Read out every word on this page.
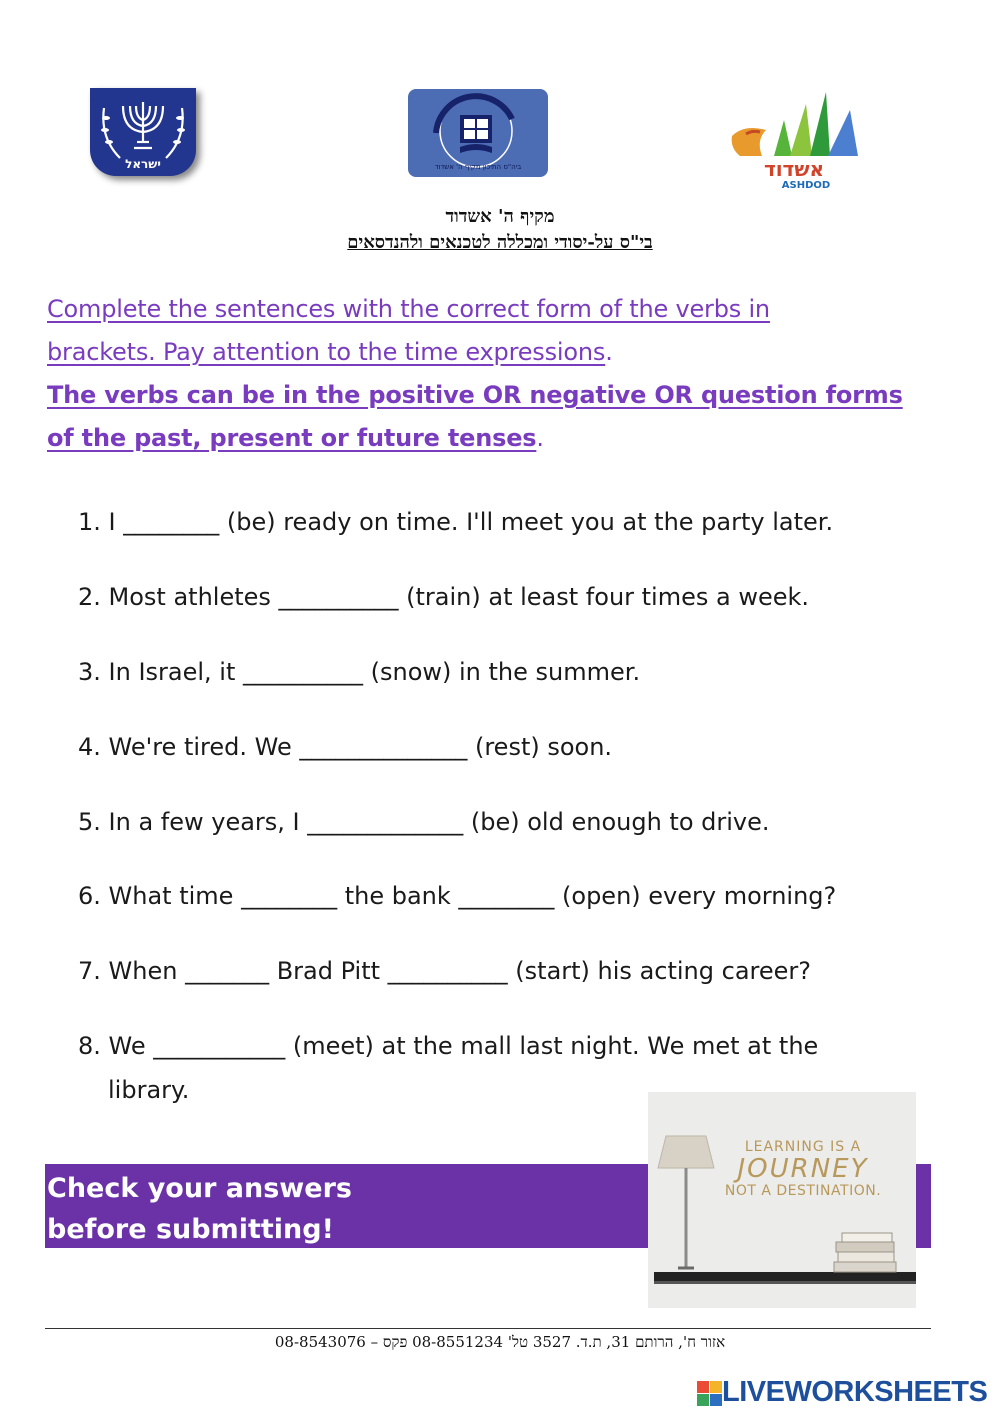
ישראל	ביה"ס התיכון מקיף ה' אשדוד	אשדוד
ASHDOD
מקיף ה' אשדוד
בי"ס על-יסודי ומכללה לטכנאים ולהנדסאים
Complete the sentences with the correct form of the verbs in
brackets. Pay attention to the time expressions.
The verbs can be in the positive OR negative OR question forms
of the past, present or future tenses.
1. I ________ (be) ready on time. I'll meet you at the party later.
2. Most athletes __________ (train) at least four times a week.
3. In Israel, it __________ (snow) in the summer.
4. We're tired. We ______________ (rest) soon.
5. In a few years, I _____________ (be) old enough to drive.
6. What time ________ the bank ________ (open) every morning?
7. When _______ Brad Pitt __________ (start) his acting career?
8. We ___________ (meet) at the mall last night. We met at the
library.
Check your answers
before submitting!
LEARNING IS A
JOURNEY
NOT A DESTINATION.
אזור ח', הרותם 31, ת.ד. 3527 טל' 08-8551234 פקס – 08-8543076
LIVEWORKSHEETS
